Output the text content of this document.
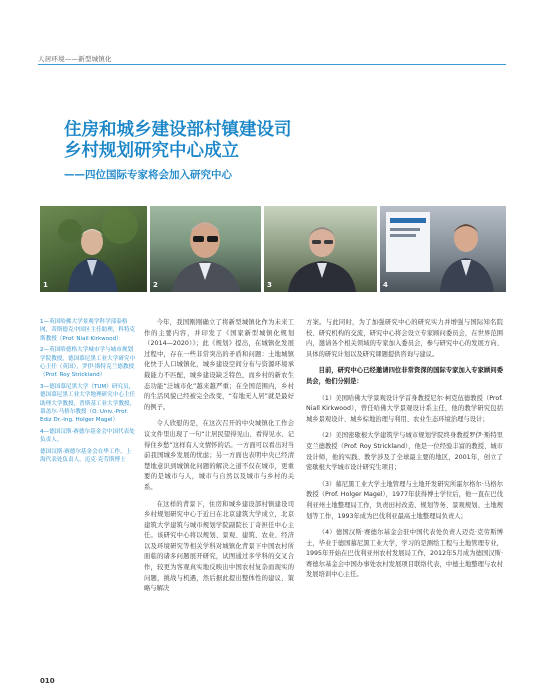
人居环境——新型城镇化
住房和城乡建设部村镇建设司
乡村规划研究中心成立
——四位国际专家将会加入研究中心
1	2	3	4

1—英国哈佛大学景观学科学部泰格网，蒂斯德克中国区主任助理，科特克斯教授（Prof. Niall Kirkwood）

2—英国哈德格大学城市学与城市规划学院教授，德国慕尼黑工业大学研究中心主任（英国），罗伊·斯特克兰德教授（Prof. Roy Strickland）

3—德国慕尼黑大学（TUM）研究员，德国慕尼黑工业大学地理研究中心主任助理大学教授，普斯基工业大学教授，慕盖尔·马格尔教授（O. Univ.-Prof. Ediz Dr.-Ing. Holger Magel）

4—德国汉斯·赛德尔基金会中国代表处负责人。

德国汉斯·赛德尔基金会在华工作，上海代表处负责人，迈克·克劳斯博士

今年，我国刚刚确立了将新型城镇化作为未来工作的主要内容，并印发了《国家新型城镇化规划（2014—2020）》；此《规划》提出，在城镇化发展过程中，存在一些非常突出的矛盾和问题：土地城镇化快于人口城镇化，城乡建设空间分布与资源环境承载能力不匹配，城乡建设缺乏特色，而乡村的新农生态功能“泛城市化”越来越严重；在全国范围内，乡村的生活风貌已经被完全改变，“有地无人居”就是最好的例子。

令人欣慰的是，在这次召开的中央城镇化工作会议文件里出现了一句“让居民望得见山、看得见水、记得住乡愁”这样有人文情怀的话。一方面可以看出对当前我国城乡发展的忧虑；另一方面也表明中央已经清楚地意识到城镇化问题的解决之道不仅在城市，更重要的是城市与人，城市与自然以及城市与乡村的关系。

在这样的背景下，住房和城乡建设部村镇建设司乡村规划研究中心于近日在北京建筑大学成立，北京建筑大学建筑与城市规划学院副院长丁奇担任中心主任。该研究中心将以规划、景观、建筑、农业、经济以及环境研究等相关学科对城镇化背景下中国农村所面临的诸多问题展开研究，试图通过多学科的交叉合作，较更为客观真实地反映出中国农村复杂而现实的问题，挑战与机遇，然后据此提出整体性的建议、策略与解决

方案。与此同时，为了加强研究中心的研究实力并增强与国际知名院校、研究机构的交流，研究中心将会设立专家顾问委员会，在世界范围内，邀请各个相关领域的专家加入委员会，参与研究中心的发展方向、具体的研究计划以及研究课题提供咨询与建议。

目前，研究中心已经邀请四位非常资深的国际专家加入专家顾问委员会，他们分别是：

（1）美国哈佛大学景观设计学首身教授尼尔·柯克伍德教授（Prof. Niall Kirkwood），曾任哈佛大学景观设计系主任，他的教学研究包括城乡景观设计、城乡棕地治理与利用、农业生态环境治理与设计；

（2）美国密歇根大学建筑学与城市规划学院终身教授罗伊·斯特里克兰德教授（Prof. Roy Strickland），他是一位经验丰富的教授、城市设计师，他的实践、教学涉及了全球最主要的地区，2001年，创立了密歇根大学城市设计研究生项目；

（3）慕尼黑工业大学土地管理与土地开发研究所霍尔格尔·马格尔教授（Prof. Holger Magel），1977年获得博士学位后，他一直在巴伐利亚州土地整理局工作，负责田村改造、规划等务、景观规划、土地规划等工作，1993年成为巴伐利亚最高土地整理局负责人；

（4）德国汉斯·赛德尔基金会驻中国代表处负责人迈克·克劳斯博士，毕业于德国慕尼黑工业大学，学习的是测绘工程与土地管理专业，1995年开始在巴伐利亚州农村发展局工作，2012年5月成为德国汉斯·赛德尔基金会中国办事处农村发展项目联络代表，中德土地整理与农村发展培训中心主任。

010
